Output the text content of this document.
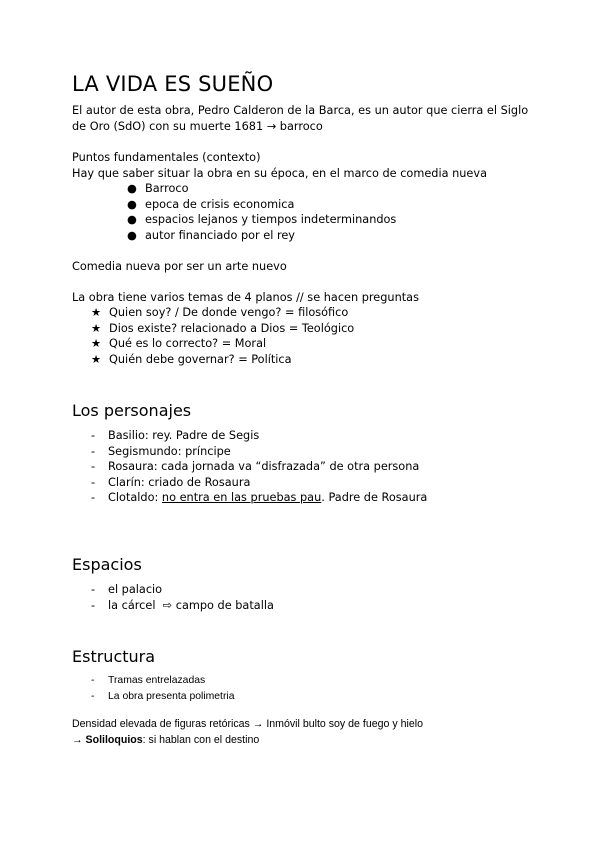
LA VIDA ES SUEÑO

El autor de esta obra, Pedro Calderon de la Barca, es un autor que cierra el Siglo

de Oro (SdO) con su muerte 1681 → barroco

Puntos fundamentales (contexto)

Hay que saber situar la obra en su época, en el marco de comedia nueva

● Barroco
● epoca de crisis economica
● espacios lejanos y tiempos indeterminandos
● autor financiado por el rey

Comedia nueva por ser un arte nuevo

La obra tiene varios temas de 4 planos // se hacen preguntas

★ Quien soy? / De donde vengo? = filosófico
★ Dios existe? relacionado a Dios = Teológico
★ Qué es lo correcto? = Moral
★ Quién debe governar? = Política
Los personajes
- Basilio: rey. Padre de Segis
- Segismundo: príncipe
- Rosaura: cada jornada va “disfrazada” de otra persona
- Clarín: criado de Rosaura
- Clotaldo: no entra en las pruebas pau. Padre de Rosaura
Espacios
- el palacio
- la cárcel ⇨ campo de batalla
Estructura
- Tramas entrelazadas
- La obra presenta polimetria

Densidad elevada de figuras retóricas → Inmóvil bulto soy de fuego y hielo

→ Soliloquios: si hablan con el destino
